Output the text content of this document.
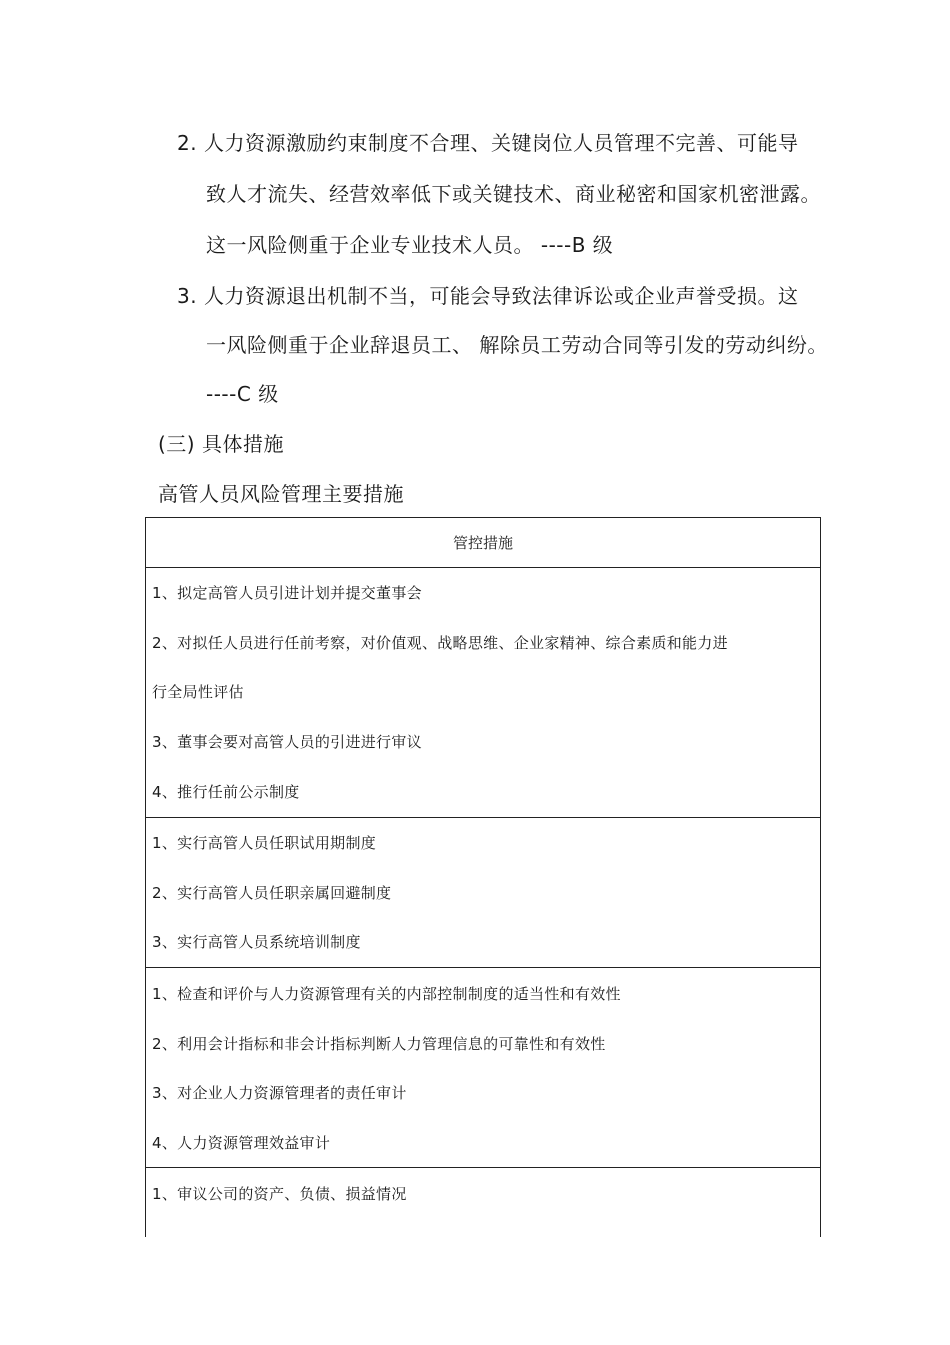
2. 人力资源激励约束制度不合理、关键岗位人员管理不完善、可能导
致人才流失、经营效率低下或关键技术、商业秘密和国家机密泄露。
这一风险侧重于企业专业技术人员。 ----B 级
3. 人力资源退出机制不当，可能会导致法律诉讼或企业声誉受损。这
一风险侧重于企业辞退员工、 解除员工劳动合同等引发的劳动纠纷。
----C 级
(三) 具体措施
高管人员风险管理主要措施
管控措施
1、拟定高管人员引进计划并提交董事会
2、对拟任人员进行任前考察，对价值观、战略思维、企业家精神、综合素质和能力进
行全局性评估
3、董事会要对高管人员的引进进行审议
4、推行任前公示制度
1、实行高管人员任职试用期制度
2、实行高管人员任职亲属回避制度
3、实行高管人员系统培训制度
1、检查和评价与人力资源管理有关的内部控制制度的适当性和有效性
2、利用会计指标和非会计指标判断人力管理信息的可靠性和有效性
3、对企业人力资源管理者的责任审计
4、人力资源管理效益审计
1、审议公司的资产、负债、损益情况
